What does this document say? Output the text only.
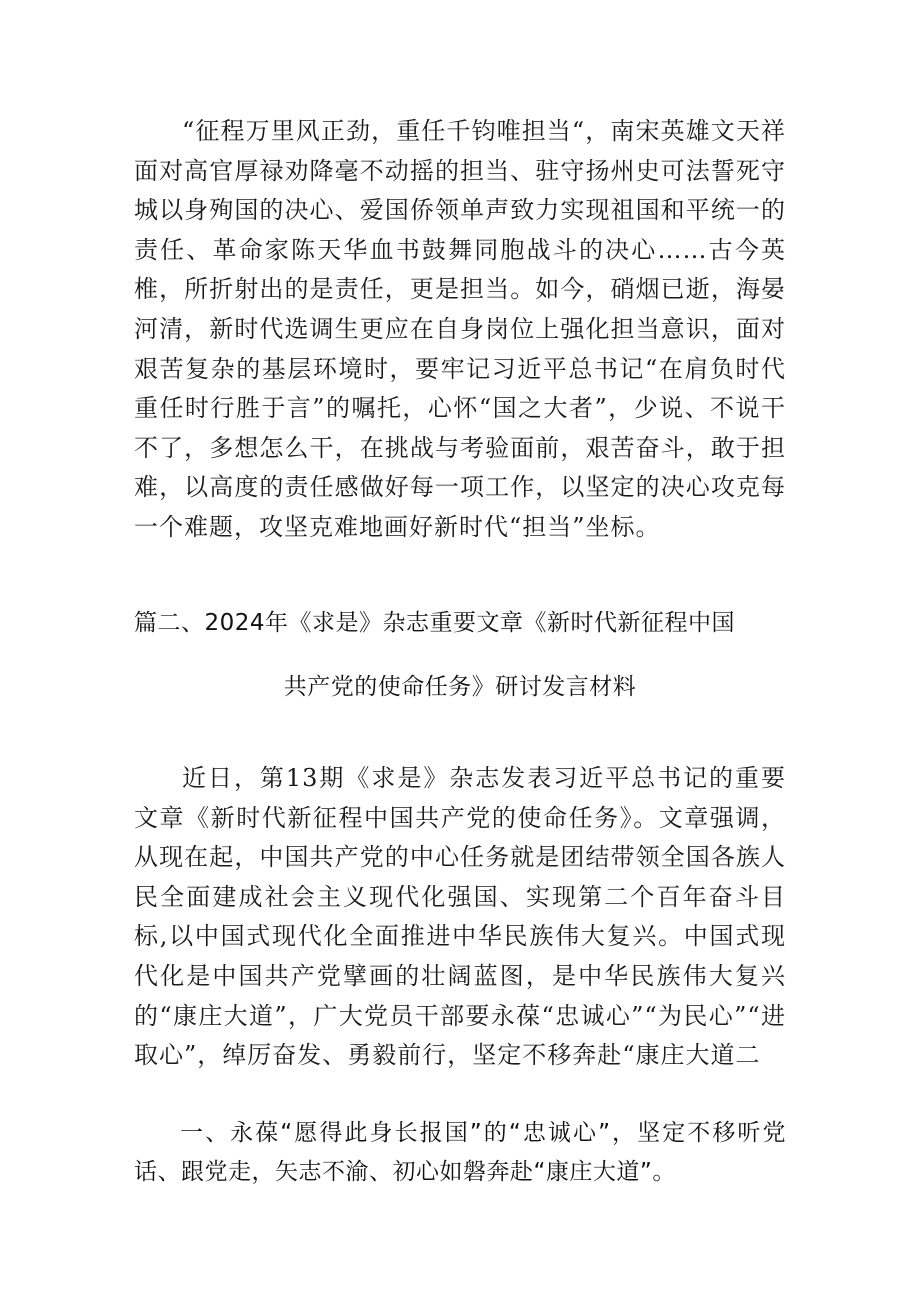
“征程万里风正劲，重任千钧唯担当“，南宋英雄文天祥面对高官厚禄劝降毫不动摇的担当、驻守扬州史可法誓死守城以身殉国的决心、爱国侨领单声致力实现祖国和平统一的责任、革命家陈天华血书鼓舞同胞战斗的决心……古今英椎，所折射出的是责任，更是担当。如今，硝烟已逝，海晏河清，新时代选调生更应在自身岗位上强化担当意识，面对艰苦复杂的基层环境时，要牢记习近平总书记“在肩负时代重任时行胜于言”的嘱托，心怀“国之大者”，少说、不说干不了，多想怎么干，在挑战与考验面前，艰苦奋斗，敢于担难，以高度的责任感做好每一项工作，以坚定的决心攻克每一个难题，攻坚克难地画好新时代“担当”坐标。

篇二、2024年《求是》杂志重要文章《新时代新征程中国
共产党的使命任务》研讨发言材料

近日，第13期《求是》杂志发表习近平总书记的重要文章《新时代新征程中国共产党的使命任务》。文章强调，从现在起，中国共产党的中心任务就是团结带领全国各族人民全面建成社会主义现代化强国、实现第二个百年奋斗目标,以中国式现代化全面推进中华民族伟大复兴。中国式现代化是中国共产党擘画的壮阔蓝图，是中华民族伟大复兴的“康庄大道”，广大党员干部要永葆“忠诚心”“为民心”“进取心”，绰厉奋发、勇毅前行，坚定不移奔赴“康庄大道二

一、永葆“愿得此身长报国”的“忠诚心”，坚定不移听党话、跟党走，矢志不渝、初心如磐奔赴“康庄大道”。
